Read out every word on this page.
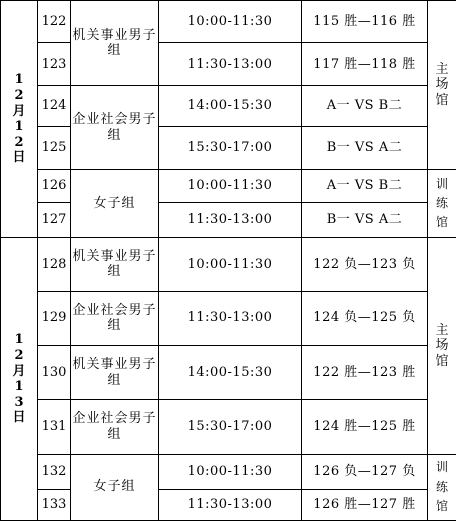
12月12日	122	机关事业男子组	10:00-11:30	115 胜—116 胜	主场馆
	123		11:30-13:00	117 胜—118 胜	
	124	企业社会男子组	14:00-15:30	A一 VS B二	
	125		15:30-17:00	B一 VS A二	
	126	女子组	10:00-11:30	A一 VS B二	训练馆
	127		11:30-13:00	B一 VS A二	
12月13日	128	机关事业男子组	10:00-11:30	122 负—123 负	主场馆
	129	企业社会男子组	11:30-13:00	124 负—125 负	
	130	机关事业男子组	14:00-15:30	122 胜—123 胜	
	131	企业社会男子组	15:30-17:00	124 胜—125 胜	
	132	女子组	10:00-11:30	126 负—127 负	训练馆
	133		11:30-13:00	126 胜—127 胜	
